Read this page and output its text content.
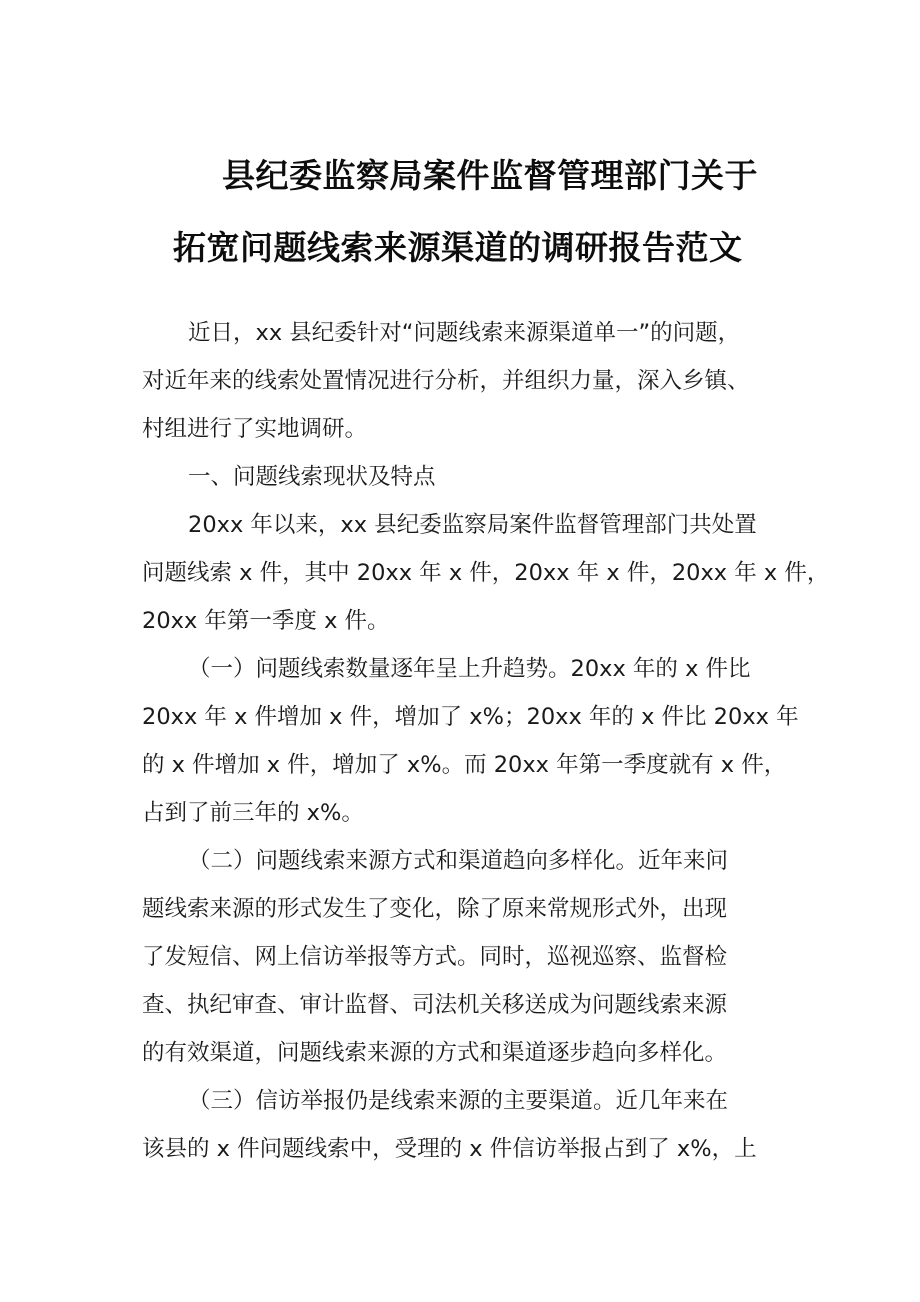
县纪委监察局案件监督管理部门关于
拓宽问题线索来源渠道的调研报告范文
近日，xx 县纪委针对“问题线索来源渠道单一”的问题，
对近年来的线索处置情况进行分析，并组织力量，深入乡镇、
村组进行了实地调研。
一、问题线索现状及特点
20xx 年以来，xx 县纪委监察局案件监督管理部门共处置
问题线索 x 件，其中 20xx 年 x 件，20xx 年 x 件，20xx 年 x 件，
20xx 年第一季度 x 件。
（一）问题线索数量逐年呈上升趋势。20xx 年的 x 件比
20xx 年 x 件增加 x 件，增加了 x%；20xx 年的 x 件比 20xx 年
的 x 件增加 x 件，增加了 x%。而 20xx 年第一季度就有 x 件，
占到了前三年的 x%。
（二）问题线索来源方式和渠道趋向多样化。近年来问
题线索来源的形式发生了变化，除了原来常规形式外，出现
了发短信、网上信访举报等方式。同时，巡视巡察、监督检
查、执纪审查、审计监督、司法机关移送成为问题线索来源
的有效渠道，问题线索来源的方式和渠道逐步趋向多样化。
（三）信访举报仍是线索来源的主要渠道。近几年来在
该县的 x 件问题线索中，受理的 x 件信访举报占到了 x%，上
